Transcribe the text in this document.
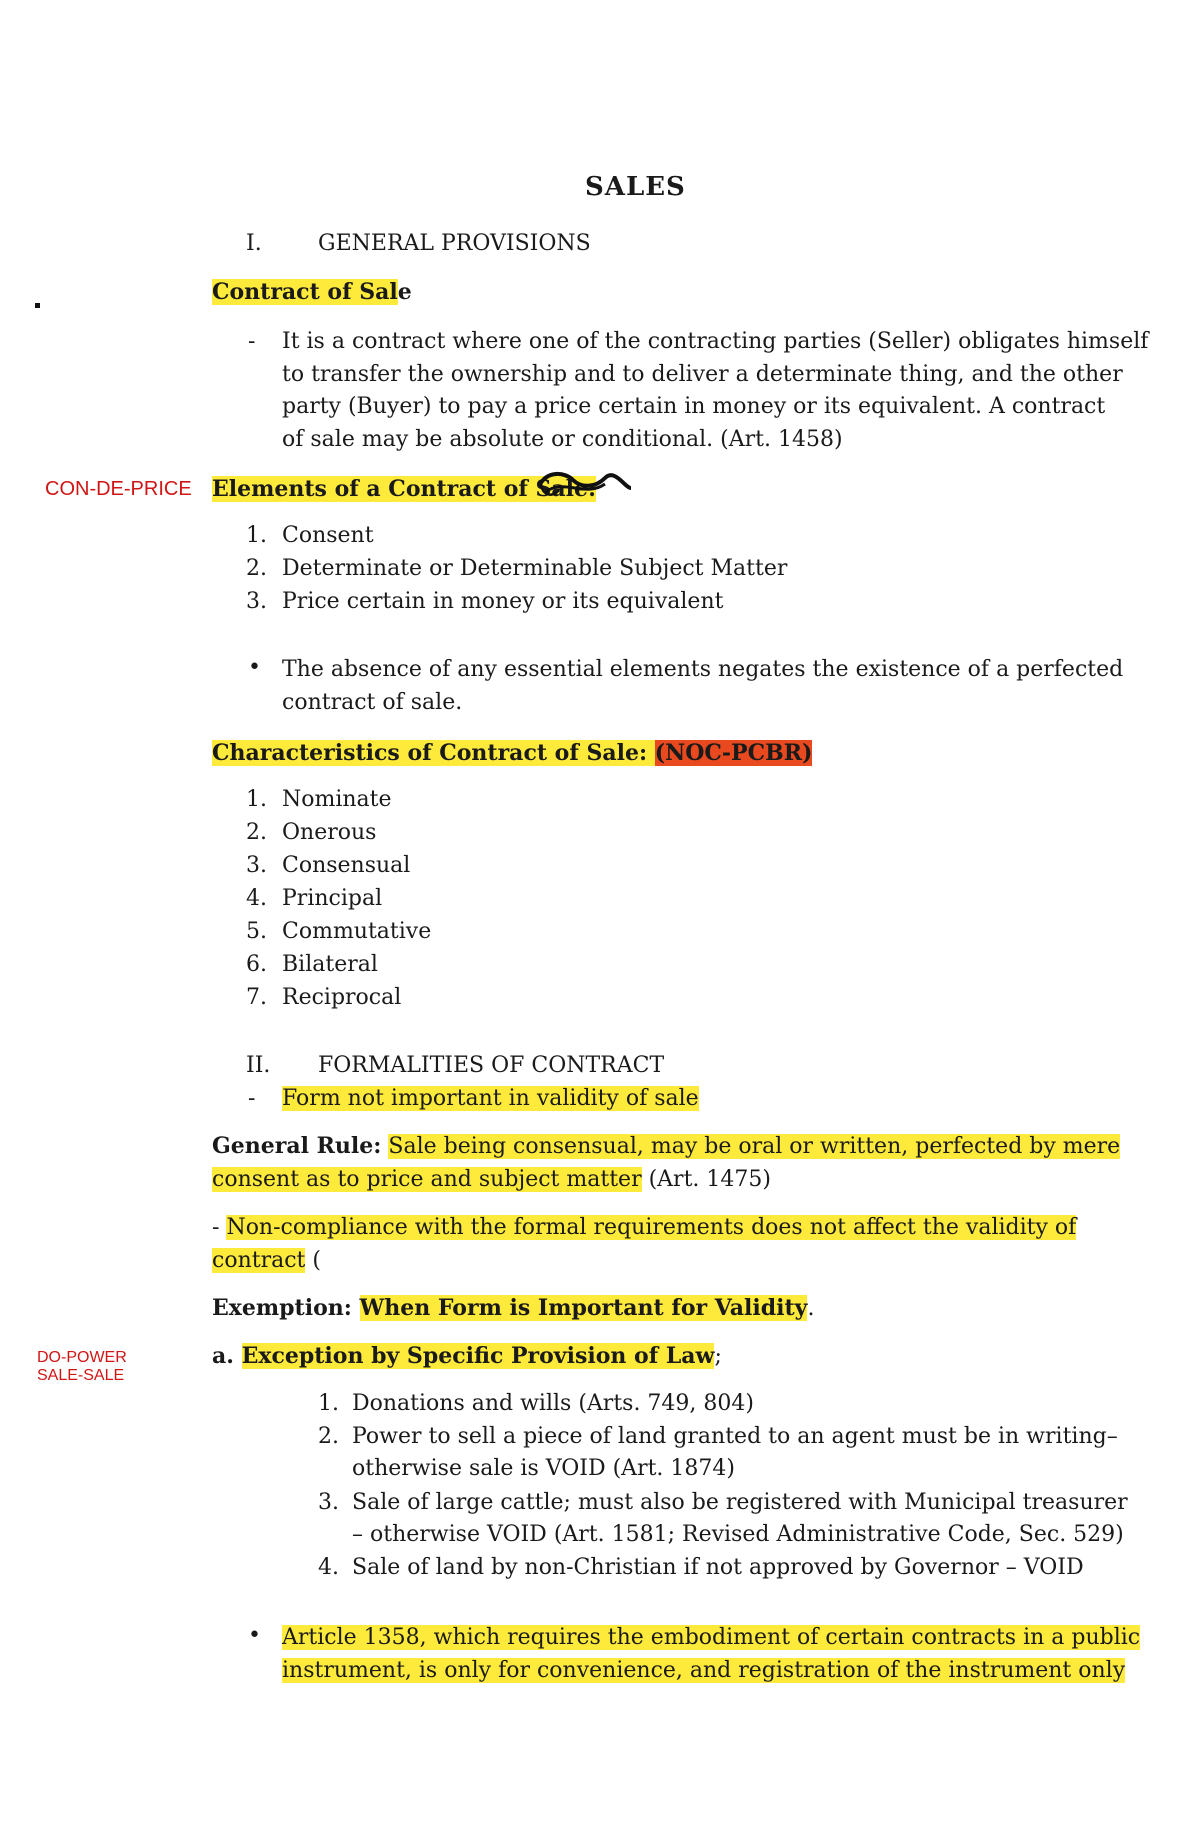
SALES
I.	GENERAL PROVISIONS
Contract of Sale
- It is a contract where one of the contracting parties (Seller) obligates himself
to transfer the ownership and to deliver a determinate thing, and the other
party (Buyer) to pay a price certain in money or its equivalent. A contract
of sale may be absolute or conditional. (Art. 1458)
CON-DE-PRICE Elements of a Contract of Sale:
1. Consent
2. Determinate or Determinable Subject Matter
3. Price certain in money or its equivalent
• The absence of any essential elements negates the existence of a perfected
contract of sale.
Characteristics of Contract of Sale: (NOC-PCBR)
1. Nominate
2. Onerous
3. Consensual
4. Principal
5. Commutative
6. Bilateral
7. Reciprocal
II. FORMALITIES OF CONTRACT
- Form not important in validity of sale
General Rule: Sale being consensual, may be oral or written, perfected by mere
consent as to price and subject matter (Art. 1475)
- Non-compliance with the formal requirements does not affect the validity of
contract (
Exemption: When Form is Important for Validity.
DO-POWER
SALE-SALE
a. Exception by Specific Provision of Law;
1. Donations and wills (Arts. 749, 804)
2. Power to sell a piece of land granted to an agent must be in writing–
otherwise sale is VOID (Art. 1874)
3. Sale of large cattle; must also be registered with Municipal treasurer
– otherwise VOID (Art. 1581; Revised Administrative Code, Sec. 529)
4. Sale of land by non-Christian if not approved by Governor – VOID
• Article 1358, which requires the embodiment of certain contracts in a public
instrument, is only for convenience, and registration of the instrument only
